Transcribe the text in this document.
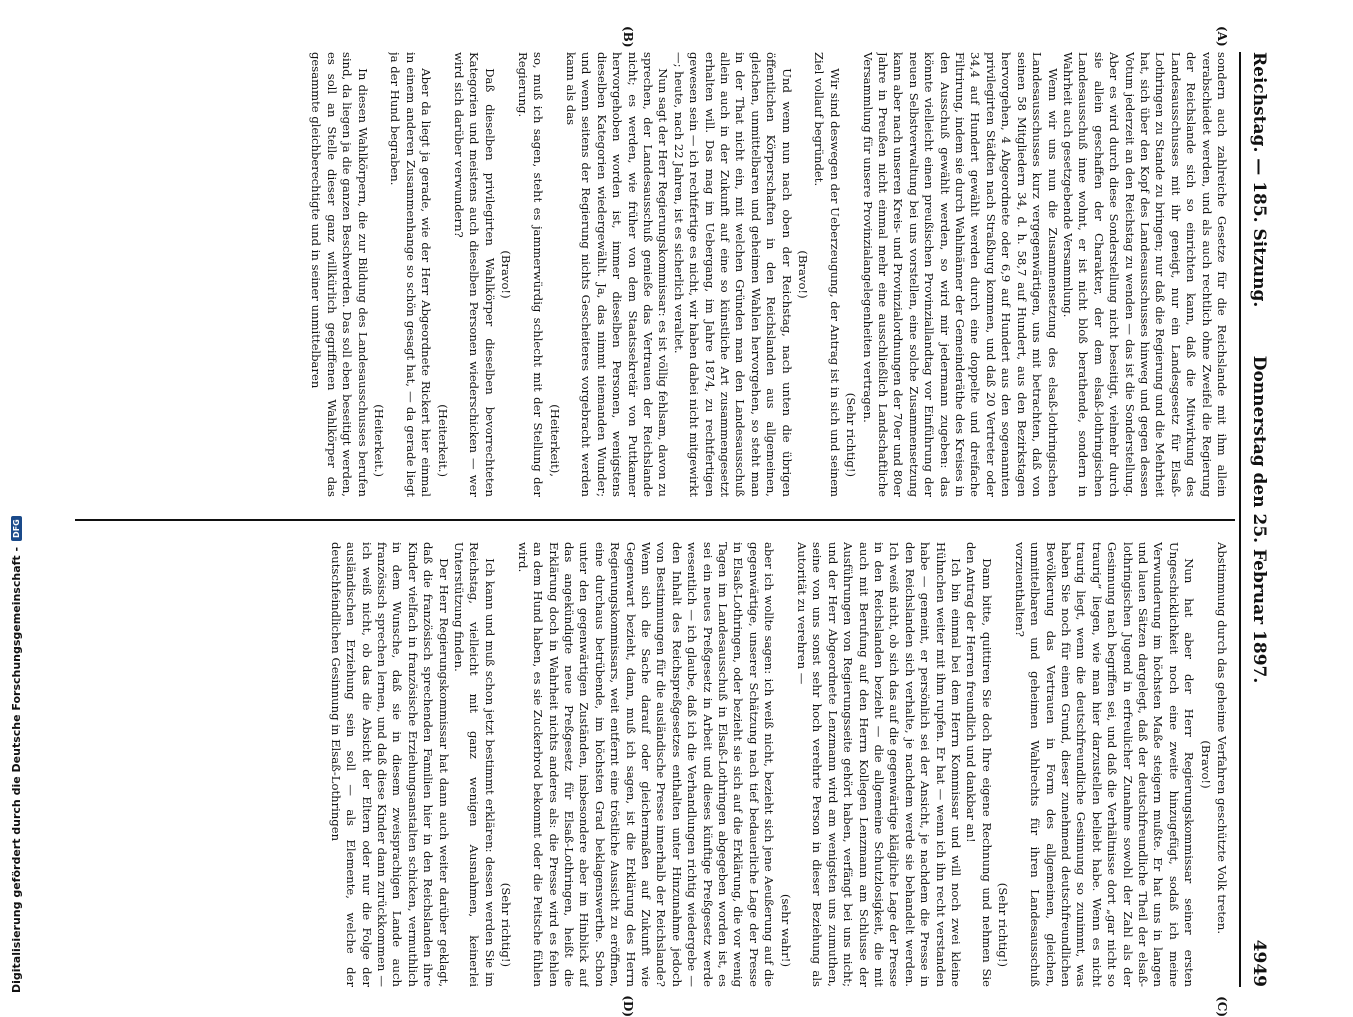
Digitalisierung gefördert durch die Deutsche Forschungsgemeinschaft -
DFG
Reichstag. — 185. Sitzung.
Donnerstag den 25. Februar 1897.
4949

sondern auch zahlreiche Gesetze für die Reichslande mit ihm allein verabschiedet werden, und als auch rechtlich ohne Zweifel die Regierung der Reichslande sich so einrichten kann, daß die Mitwirkung des Landesausschusses mit ihr geneigt, nur ein Landesgesetz für Elsaß-Lothringen zu Stande zu bringen; nur daß die Regierung und die Mehrheit hat, sich über den Kopf des Landesausschusses hinweg und gegen dessen Votum jederzeit an den Reichstag zu wenden — das ist die Sonderstellung. Aber es wird durch diese Sonderstellung nicht beseitigt, vielmehr durch sie allein geschaffen der Charakter, der dem elsaß-lothringischen Landesausschuß inne wohnt, er ist nicht bloß berathende, sondern in Wahrheit auch gesetzgebende Versammlung.

Wenn wir uns nun die Zusammensetzung des elsaß-lothringischen Landesausschusses kurz vergegenwärtigen, uns mit betrachten, daß von seinen 58 Mitgliedern 34, d. h. 58,7 auf Hundert, aus den Bezirkstagen hervorgehen, 4 Abgeordnete oder 6,9 auf Hundert aus den sogenannten privilegirten Städten nach Straßburg kommen, und daß 20 Vertreter oder 34,4 auf Hundert gewählt werden durch eine doppelte und dreifache Filtrirung, indem sie durch Wahlmänner der Gemeinderäthe des Kreises in den Ausschuß gewählt werden, so wird mir jedermann zugeben: das könnte vielleicht einen preußischen Provinziallandtag vor Einführung der neuen Selbstverwaltung bei uns vorstellen, eine solche Zusammensetzung kann aber nach unseren Kreis- und Provinzialordnungen der 70er und 80er Jahre in Preußen nicht einmal mehr eine ausschließlich Landschaftliche Versammlung für unsere Provinzialangelegenheiten vertragen.

(Sehr richtig!)

Wir sind deswegen der Ueberzeugung, der Antrag ist in sich und seinem Ziel vollauf begründet.

(Bravo!)

Und wenn nun nach oben der Reichstag, nach unten die übrigen öffentlichen Körperschaften in den Reichslanden aus allgemeinen, gleichen, unmittelbaren und geheimen Wahlen hervorgehen, so steht man in der That nicht ein, mit welchen Gründen man den Landesausschuß allein auch in der Zukunft auf eine so künstliche Art zusammengesetzt erhalten will. Das mag im Uebergang, im Jahre 1874, zu rechtfertigen gewesen sein — ich rechtfertige es nicht, wir haben dabei nicht mitgewirkt —; heute, nach 22 Jahren, ist es sicherlich veraltet.

Nun sagt der Herr Regierungskommissar: es ist völlig fehlsam, davon zu sprechen, der Landesausschuß genieße das Vertrauen der Reichslande nicht; es werden, wie früher von dem Staatssekretär von Puttkamer hervorgehoben worden ist, immer dieselben Personen, wenigstens dieselben Kategorien wiedergewählt. Ja, das nimmt niemanden Wunder; und wenn seitens der Regierung nichts Gescheiteres vorgebracht werden kann als das

(Heiterkeit),

so, muß ich sagen, steht es jammerwürdig schlecht mit der Stellung der Regierung.

(Bravo!)

Daß dieselben privilegirten Wahlkörper dieselben bevorrechteten Kategorien und meistens auch dieselben Personen wiederschicken — wer wird sich darüber verwundern?

(Heiterkeit.)

Aber da liegt ja gerade, wie der Herr Abgeordnete Rickert hier einmal in einem anderen Zusammenhange so schön gesagt hat, — da gerade liegt ja der Hund begraben.

(Heiterkeit.)

In diesen Wahlkörpern, die zur Bildung des Landesausschusses berufen sind, da liegen ja die ganzen Beschwerden. Das soll eben beseitigt werden, es soll an Stelle dieser ganz willkürlich gegriffenen Wahlkörper das gesammte gleichberechtigte und in seiner unmittelbaren

Abstimmung durch das geheime Verfahren geschützte Volk treten.

(Bravo!)

Nun hat aber der Herr Regierungskommissar seiner ersten Ungeschicklichkeit noch eine zweite hinzugefügt, sodaß ich meine Verwunderung im höchsten Maße steigern mußte. Er hat uns in langen und lauen Sätzen dargelegt, daß der deutschfreundliche Theil der elsaß-lothringischen Jugend in erfreulicher Zunahme sowohl der Zahl als der Gesinnung nach begriffen sei, und daß die Verhältnisse dort „gar nicht so traurig“ liegen, wie man hier darzustellen beliebt habe. Wenn es nicht traurig liegt, wenn die deutschfreundliche Gesinnung so zunimmt, was haben Sie noch für einen Grund, dieser zunehmend deutschfreundlichen Bevölkerung das Vertrauen in Form des allgemeinen, gleichen, unmittelbaren und geheimen Wahlrechts für ihren Landesausschuß vorzuenthalten?

(Sehr richtig!)

Dann bitte, quittiren Sie doch Ihre eigene Rechnung und nehmen Sie den Antrag der Herren freundlich und dankbar an!

Ich bin einmal bei dem Herrn Kommissar und will noch zwei kleine Hühnchen weiter mit ihm rupfen. Er hat — wenn ich ihn recht verstanden habe — gemeint, er persönlich sei der Ansicht, je nachdem die Presse in den Reichslanden sich verhalte, je nachdem werde sie behandelt werden. Ich weiß nicht, ob sich das auf die gegenwärtige klägliche Lage der Presse in den Reichslanden bezieht — die allgemeine Schutzlosigkeit, die mit auch mit Berufung auf den Herrn Kollegen Lenzmann am Schlusse der Ausführungen von Regierungsseite gehört haben, verfängt bei uns nicht; und der Herr Abgeordnete Lenzmann wird am wenigsten uns zumuthen, seine von uns sonst sehr hoch verehrte Person in dieser Beziehung als Autorität zu verehren —

(sehr wahr!)

aber ich wollte sagen: ich weiß nicht, bezieht sich jene Aeußerung auf die gegenwärtige, unserer Schätzung nach tief bedauerliche Lage der Presse in Elsaß-Lothringen, oder bezieht sie sich auf die Erklärung, die vor wenig Tagen im Landesausschuß in Elsaß-Lothringen abgegeben worden ist, es sei ein neues Preßgesetz in Arbeit und dieses künftige Preßgesetz werde wesentlich — ich glaube, daß ich die Verhandlungen richtig wiedergebe — den Inhalt des Reichspreßgesetzes enthalten unter Hinzunahme jedoch von Bestimmungen für die ausländische Presse innerhalb der Reichslande? Wenn sich die Sache darauf oder gleichermaßen auf Zukunft wie Gegenwart bezieht, dann, muß ich sagen, ist die Erklärung des Herrn Regierungskommissars, weit entfernt eine tröstliche Aussicht zu eröffnen, eine durchaus betrübende, im höchsten Grad beklagenswerthe. Schon unter den gegenwärtigen Zuständen, insbesondere aber im Hinblick auf das angekündigte neue Preßgesetz für Elsaß-Lothringen, heißt die Erklärung doch in Wahrheit nichts anderes als: die Presse wird es fehlen an dem Hund haben, es sie Zuckerbrod bekommt oder die Peitsche fühlen wird.

(Sehr richtig!)

Ich kann und muß schon jetzt bestimmt erklären: dessen werden Sie im Reichstag, vielleicht mit ganz wenigen Ausnahmen, keinerlei Unterstützung finden.

Der Herr Regierungskommissar hat dann auch weiter darüber geklagt, daß die französisch sprechenden Familien hier in den Reichslanden ihre Kinder vielfach in französische Erziehungsanstalten schicken, vermuthlich in dem Wunsche, daß sie in diesem zweisprachigen Lande auch französisch sprechen lernen, und daß diese Kinder dann zurückkommen — ich weiß nicht, ob das die Absicht der Eltern oder nur die Folge der ausländischen Erziehung sein soll — als Elemente, welche der deutschfeindlichen Gesinnung in Elsaß-Lothringen

(A)
(B)
(C)
(D)
